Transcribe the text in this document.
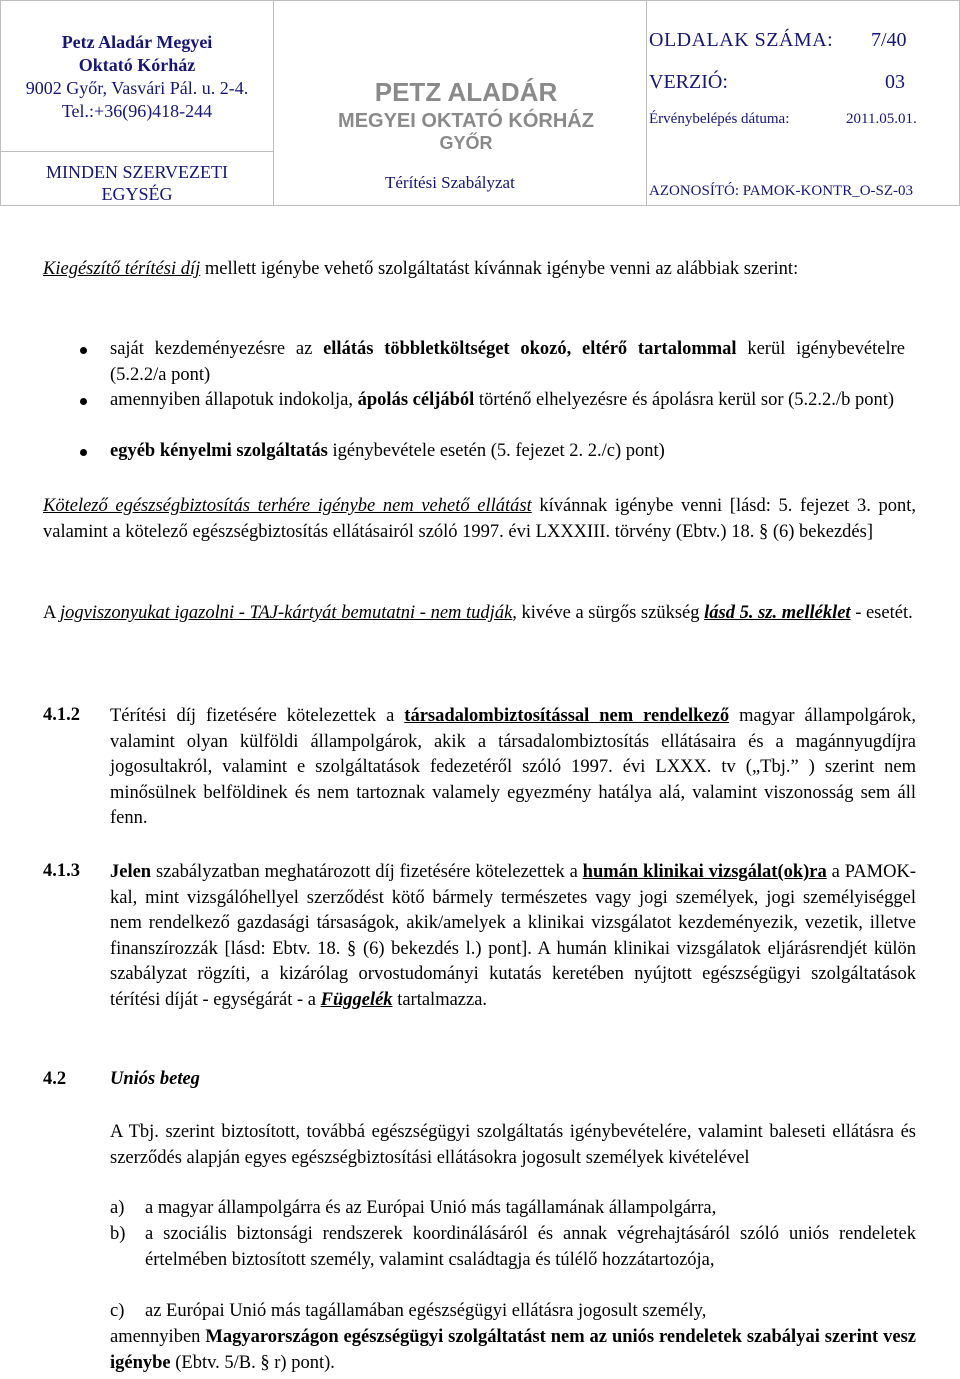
Petz Aladár Megyei
Oktató Kórház
9002 Győr, Vasvári Pál. u. 2-4.
Tel.:+36(96)418-244
PETZ ALADÁR
MEGYEI OKTATÓ KÓRHÁZ
GYŐR
OLDALAK SZÁMA: 7/40
VERZIÓ:	03
Érvénybelépés dátuma:	2011.05.01.
MINDEN SZERVEZETI
EGYSÉG
Térítési Szabályzat	AZONOSÍTÓ: PAMOK-KONTR_O-SZ-03

Kiegészítő térítési díj mellett igénybe vehető szolgáltatást kívánnak igénybe venni az alábbiak szerint:

saját kezdeményezésre az ellátás többletköltséget okozó, eltérő tartalommal kerül igénybevételre (5.2.2/a pont)

amennyiben állapotuk indokolja, ápolás céljából történő elhelyezésre és ápolásra kerül sor (5.2.2./b pont)

egyéb kényelmi szolgáltatás igénybevétele esetén (5. fejezet 2. 2./c) pont)

Kötelező egészségbiztosítás terhére igénybe nem vehető ellátást kívánnak igénybe venni [lásd: 5. fejezet 3. pont, valamint a kötelező egészségbiztosítás ellátásairól szóló 1997. évi LXXXIII. törvény (Ebtv.) 18. § (6) bekezdés]

A jogviszonyukat igazolni - TAJ-kártyát bemutatni - nem tudják, kivéve a sürgős szükség lásd 5. sz. melléklet - esetét.

4.1.2 Térítési díj fizetésére kötelezettek a társadalombiztosítással nem rendelkező magyar állampolgárok, valamint olyan külföldi állampolgárok, akik a társadalombiztosítás ellátásaira és a magánnyugdíjra jogosultakról, valamint e szolgáltatások fedezetéről szóló 1997. évi LXXX. tv („Tbj.” ) szerint nem minősülnek belföldinek és nem tartoznak valamely egyezmény hatálya alá, valamint viszonosság sem áll fenn.

4.1.3 Jelen szabályzatban meghatározott díj fizetésére kötelezettek a humán klinikai vizsgálat(ok)ra a PAMOK-kal, mint vizsgálóhellyel szerződést kötő bármely természetes vagy jogi személyek, jogi személyiséggel nem rendelkező gazdasági társaságok, akik/amelyek a klinikai vizsgálatot kezdeményezik, vezetik, illetve finanszírozzák [lásd: Ebtv. 18. § (6) bekezdés l.) pont]. A humán klinikai vizsgálatok eljárásrendjét külön szabályzat rögzíti, a kizárólag orvostudományi kutatás keretében nyújtott egészségügyi szolgáltatások térítési díját - egységárát - a Függelék tartalmazza.

4.2 Uniós beteg

A Tbj. szerint biztosított, továbbá egészségügyi szolgáltatás igénybevételére, valamint baleseti ellátásra és szerződés alapján egyes egészségbiztosítási ellátásokra jogosult személyek kivételével

a) a magyar állampolgárra és az Európai Unió más tagállamának állampolgárra,

b) a szociális biztonsági rendszerek koordinálásáról és annak végrehajtásáról szóló uniós rendeletek értelmében biztosított személy, valamint családtagja és túlélő hozzátartozója,

c) az Európai Unió más tagállamában egészségügyi ellátásra jogosult személy,

amennyiben Magyarországon egészségügyi szolgáltatást nem az uniós rendeletek szabályai szerint vesz igénybe (Ebtv. 5/B. § r) pont).
